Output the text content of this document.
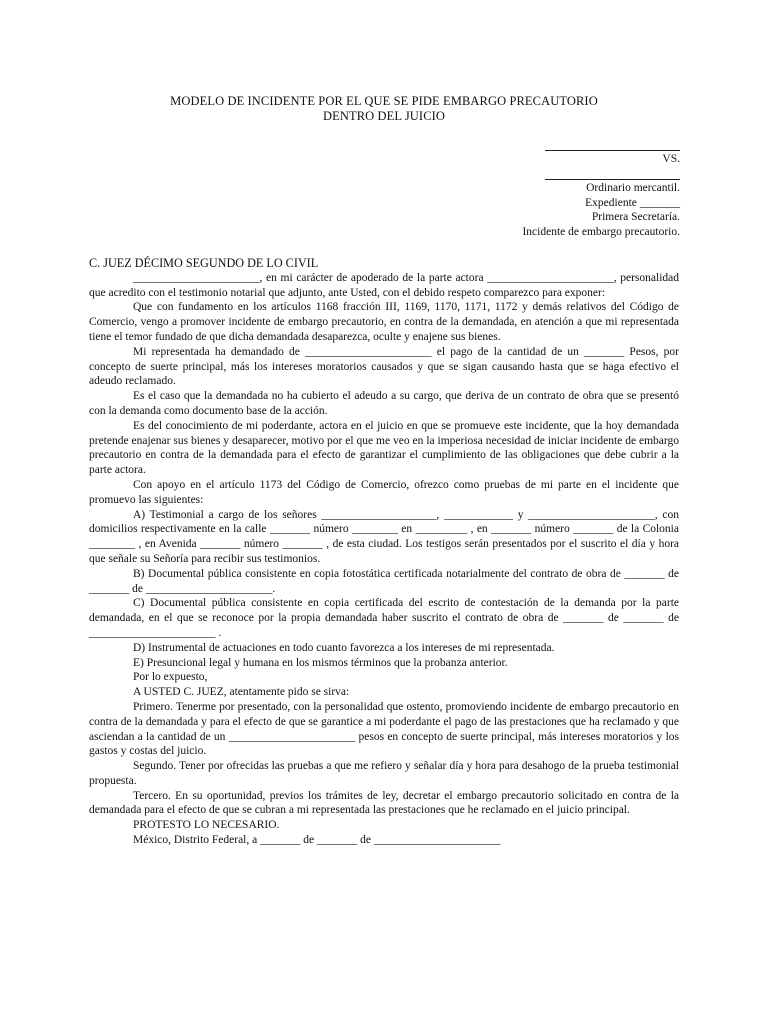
MODELO DE INCIDENTE POR EL QUE SE PIDE EMBARGO PRECAUTORIO
DENTRO DEL JUICIO
VS.
Ordinario mercantil.
Expediente _______
Primera Secretaría.
Incidente de embargo precautorio.

C. JUEZ DÉCIMO SEGUNDO DE LO CIVIL

______________________, en mi carácter de apoderado de la parte actora ______________________, personalidad que acredito con el testimonio notarial que adjunto, ante Usted, con el debido respeto comparezco para exponer:

Que con fundamento en los artículos 1168 fracción III, 1169, 1170, 1171, 1172 y demás relativos del Código de Comercio, vengo a promover incidente de embargo precautorio, en contra de la demandada, en atención a que mi representada tiene el temor fundado de que dicha demandada desaparezca, oculte y enajene sus bienes.

Mi representada ha demandado de ______________________ el pago de la cantidad de un _______ Pesos, por concepto de suerte principal, más los intereses moratorios causados y que se sigan causando hasta que se haga efectivo el adeudo reclamado.

Es el caso que la demandada no ha cubierto el adeudo a su cargo, que deriva de un contrato de obra que se presentó con la demanda como documento base de la acción.

Es del conocimiento de mi poderdante, actora en el juicio en que se promueve este incidente, que la hoy demandada pretende enajenar sus bienes y desaparecer, motivo por el que me veo en la imperiosa necesidad de iniciar incidente de embargo precautorio en contra de la demandada para el efecto de garantizar el cumplimiento de las obligaciones que debe cubrir a la parte actora.

Con apoyo en el artículo 1173 del Código de Comercio, ofrezco como pruebas de mi parte en el incidente que promuevo las siguientes:

A) Testimonial a cargo de los señores ____________________, ____________ y ______________________, con domicilios respectivamente en la calle _______ número ________ en _________ , en _______ número _______ de la Colonia ________ , en Avenida _______ número _______ , de esta ciudad. Los testigos serán presentados por el suscrito el día y hora que señale su Señoría para recibir sus testimonios.

B) Documental pública consistente en copia fotostática certificada notarialmente del contrato de obra de _______ de _______ de ______________________.

C) Documental pública consistente en copia certificada del escrito de contestación de la demanda por la parte demandada, en el que se reconoce por la propia demandada haber suscrito el contrato de obra de _______ de _______ de ______________________ .

D) Instrumental de actuaciones en todo cuanto favorezca a los intereses de mi representada.

E) Presuncional legal y humana en los mismos términos que la probanza anterior.

Por lo expuesto,

A USTED C. JUEZ, atentamente pido se sirva:

Primero. Tenerme por presentado, con la personalidad que ostento, promoviendo incidente de embargo precautorio en contra de la demandada y para el efecto de que se garantice a mi poderdante el pago de las prestaciones que ha reclamado y que asciendan a la cantidad de un ______________________ pesos en concepto de suerte principal, más intereses moratorios y los gastos y costas del juicio.

Segundo. Tener por ofrecidas las pruebas a que me refiero y señalar día y hora para desahogo de la prueba testimonial propuesta.

Tercero. En su oportunidad, previos los trámites de ley, decretar el embargo precautorio solicitado en contra de la demandada para el efecto de que se cubran a mi representada las prestaciones que he reclamado en el juicio principal.

PROTESTO LO NECESARIO.

México, Distrito Federal, a _______ de _______ de ______________________
